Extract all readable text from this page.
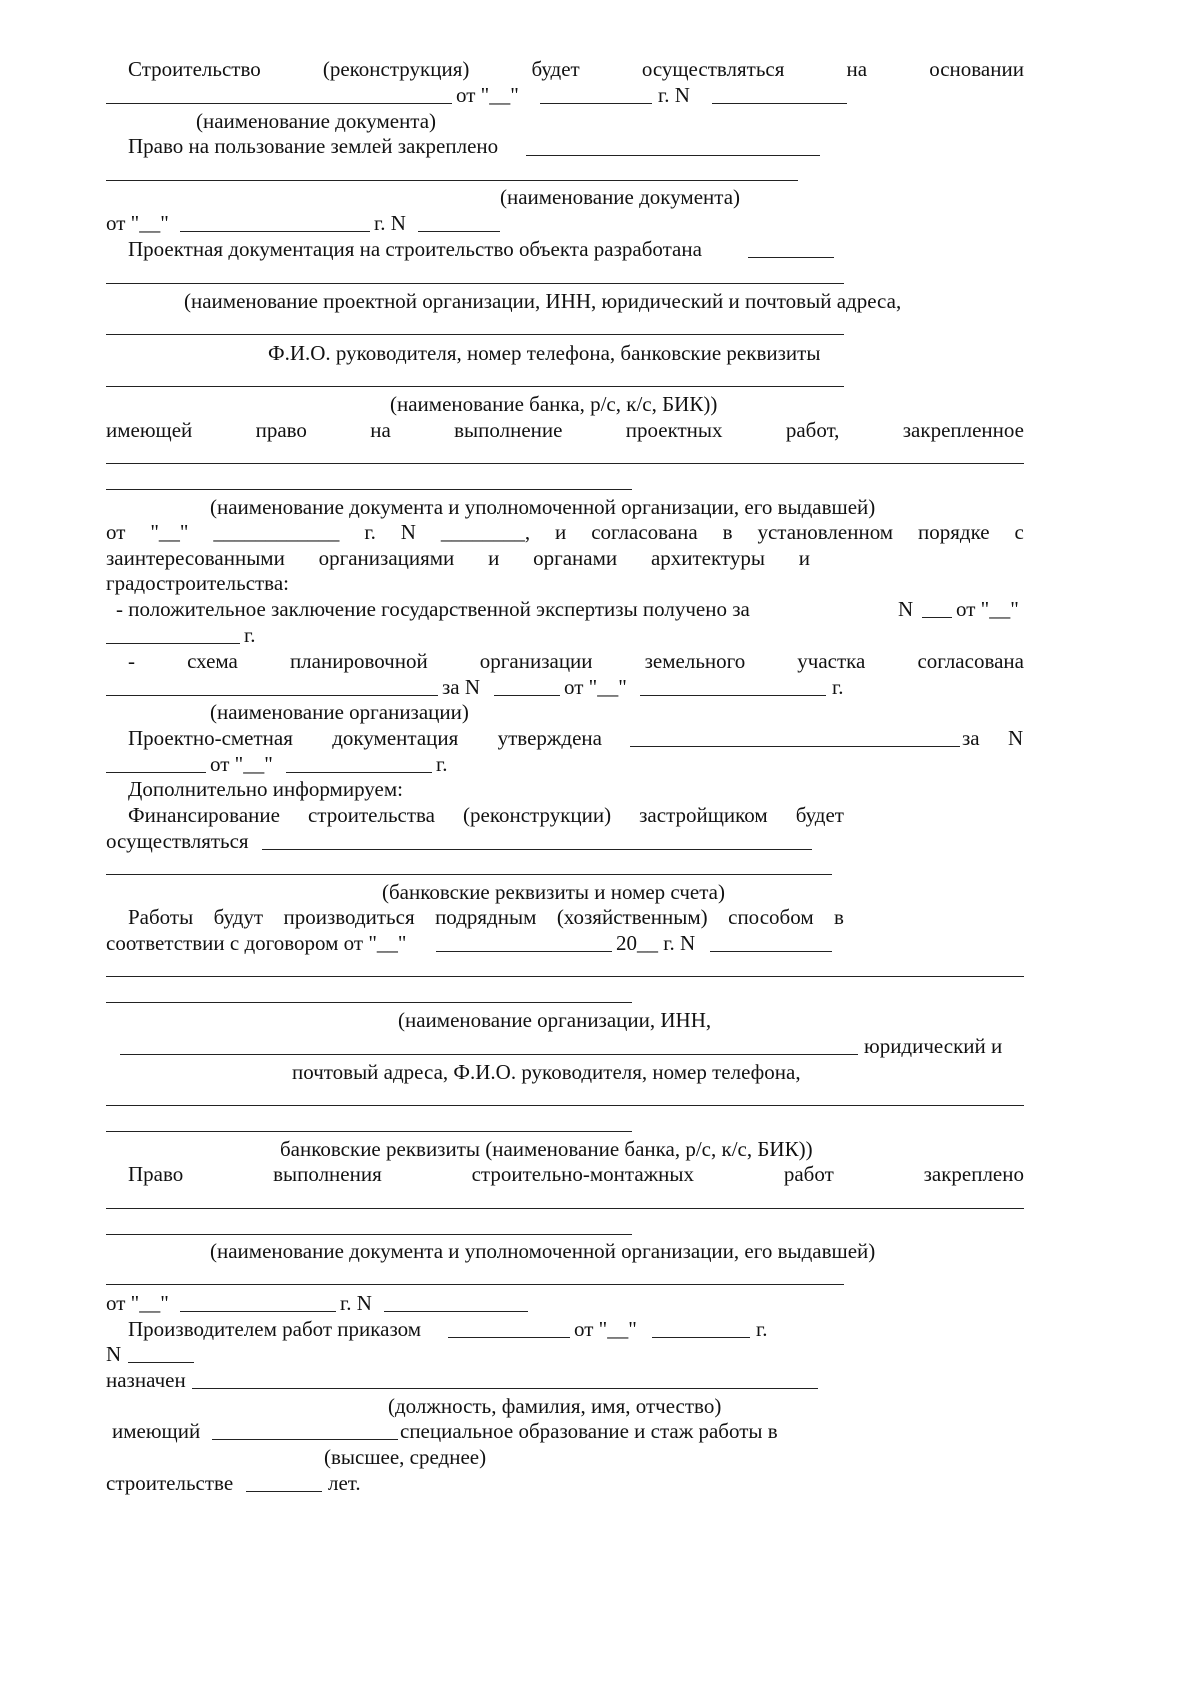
Строительство	(реконструкция)	будет	осуществляться	на	основании
от "__"	г. N
(наименование документа)
Право на пользование землей закреплено
(наименование документа)
от "__"	г. N
Проектная документация на строительство объекта разработана
(наименование проектной организации, ИНН, юридический и почтовый адреса,
Ф.И.О. руководителя, номер телефона, банковские реквизиты
(наименование банка, р/с, к/с, БИК))
имеющей	право	на	выполнение	проектных	работ,	закрепленное
(наименование документа и уполномоченной организации, его выдавшей)
от "__" ____________ г. N ________, и согласована в установленном порядке с
заинтересованными организациями и органами архитектуры и
градостроительства:
- положительное заключение государственной экспертизы получено за	N от "__"
г.
- схема планировочной организации земельного участка согласована
за N	от "__"	г.
(наименование организации)
Проектно-сметная документация утверждена	за N
от "__"	г.
Дополнительно информируем:
Финансирование строительства (реконструкции) застройщиком будет
осуществляться
(банковские реквизиты и номер счета)
Работы будут производиться подрядным (хозяйственным) способом в
соответствии с договором от "__"	20__ г. N
(наименование организации, ИНН,
юридический и
почтовый адреса, Ф.И.О. руководителя, номер телефона,
банковские реквизиты (наименование банка, р/с, к/с, БИК))
Право	выполнения	строительно-монтажных	работ	закреплено
(наименование документа и уполномоченной организации, его выдавшей)
от "__"	г. N
Производителем работ приказом	от "__"	г.
N
назначен
(должность, фамилия, имя, отчество)
имеющий	специальное образование и стаж работы в
(высшее, среднее)
строительстве	лет.
